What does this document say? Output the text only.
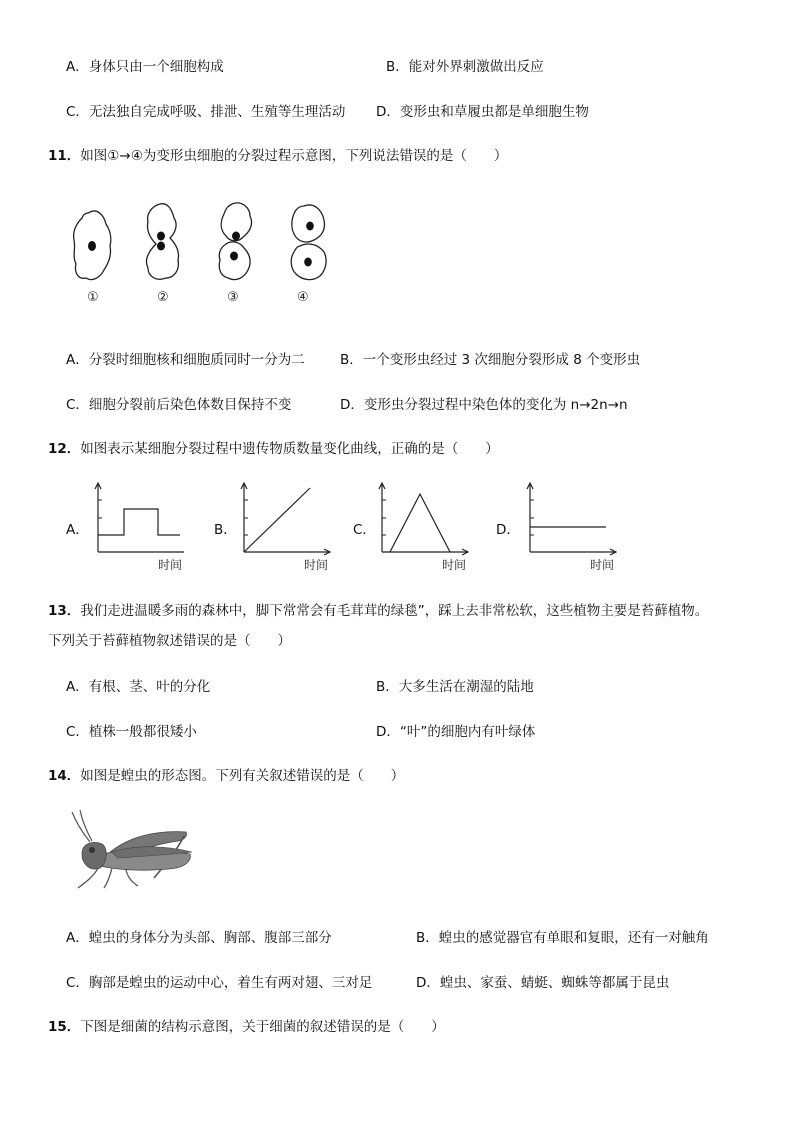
A．身体只由一个细胞构成	B．能对外界刺激做出反应
C．无法独自完成呼吸、排泄、生殖等生理活动 D．变形虫和草履虫都是单细胞生物
11．如图①→④为变形虫细胞的分裂过程示意图，下列说法错误的是（　　）
①	②	③	④
A．分裂时细胞核和细胞质同时一分为二	B．一个变形虫经过 3 次细胞分裂形成 8 个变形虫
C．细胞分裂前后染色体数目保持不变	D．变形虫分裂过程中染色体的变化为 n→2n→n
12．如图表示某细胞分裂过程中遗传物质数量变化曲线，正确的是（　　）
A．
时间
B．
时间
C．
时间
D．
时间
13．我们走进温暖多雨的森林中，脚下常常会有毛茸茸的绿毯”，踩上去非常松软，这些植物主要是苔藓植物。
下列关于苔藓植物叙述错误的是（　　）
A．有根、茎、叶的分化	B．大多生活在潮湿的陆地
C．植株一般都很矮小	D．“叶”的细胞内有叶绿体
14．如图是蝗虫的形态图。下列有关叙述错误的是（　　）
A．蝗虫的身体分为头部、胸部、腹部三部分	B．蝗虫的感觉器官有单眼和复眼，还有一对触角
C．胸部是蝗虫的运动中心，着生有两对翅、三对足	D．蝗虫、家蚕、蜻蜓、蜘蛛等都属于昆虫
15．下图是细菌的结构示意图，关于细菌的叙述错误的是（　　）
